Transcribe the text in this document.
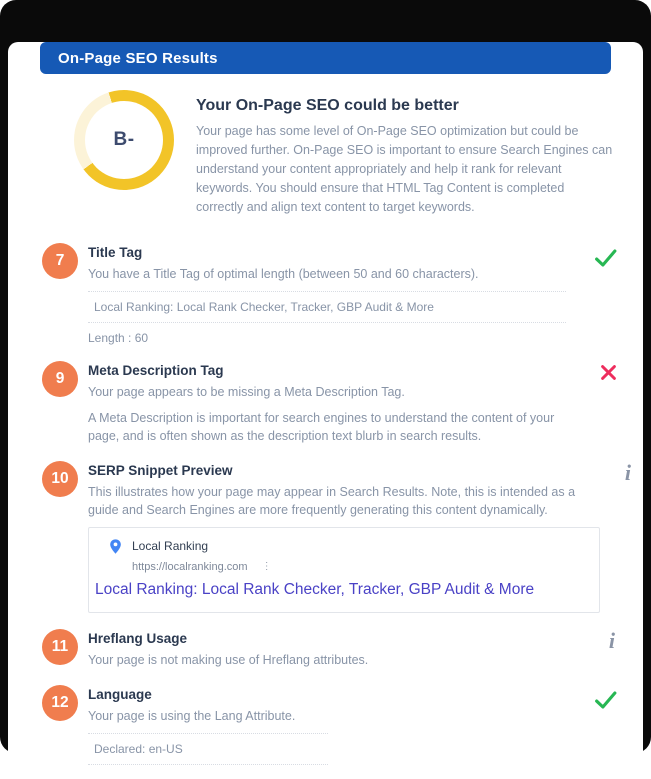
On-Page SEO Results
B-
Your On-Page SEO could be better

Your page has some level of On-Page SEO optimization but could be improved further. On-Page SEO is important to ensure Search Engines can understand your content appropriately and help it rank for relevant keywords. You should ensure that HTML Tag Content is completed correctly and align text content to target keywords.

7	Title Tag
You have a Title Tag of optimal length (between 50 and 60 characters).
Local Ranking: Local Rank Checker, Tracker, GBP Audit & More
Length : 60
9	Meta Description Tag
Your page appears to be missing a Meta Description Tag.
A Meta Description is important for search engines to understand the content of your page, and is often shown as the description text blurb in search results.
10	SERP Snippet Preview
This illustrates how your page may appear in Search Results. Note, this is intended as a guide and Search Engines are more frequently generating this content dynamically.
Local Ranking
https://localranking.com ⋮
Local Ranking: Local Rank Checker, Tracker, GBP Audit & More
i
11	Hreflang Usage
Your page is not making use of Hreflang attributes.
i
12	Language
Your page is using the Lang Attribute.
Declared: en-US
